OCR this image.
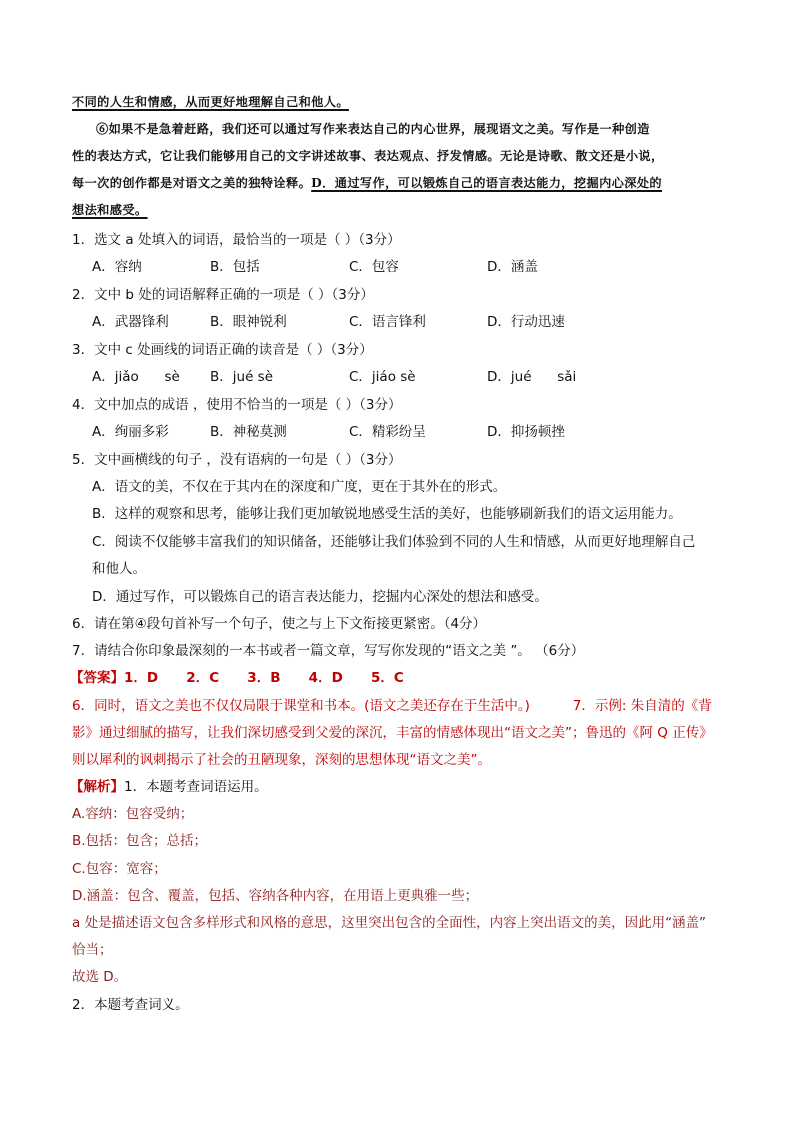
不同的人生和情感，从而更好地理解自己和他人。
⑥如果不是急着赶路，我们还可以通过写作来表达自己的内心世界，展现语文之美。写作是一种创造
性的表达方式，它让我们能够用自己的文字讲述故事、表达观点、抒发情感。无论是诗歌、散文还是小说，
每一次的创作都是对语文之美的独特诠释。D．通过写作，可以锻炼自己的语言表达能力，挖掘内心深处的
想法和感受。
1．选文 a 处填入的词语，最恰当的一项是（ ）（3分）
A．容纳	B．包括	C．包容	D．涵盖
2．文中 b 处的词语解释正确的一项是（ ）（3分）
A．武器锋利	B．眼神锐利	C．语言锋利	D．行动迅速
3．文中 c 处画线的词语正确的读音是（ ）（3分）
A．jiǎo      sè B．jué sè	C．jiáo sè	D．jué      sǎi
4．文中加点的成语 ，使用不恰当的一项是（ ）（3分）
A．绚丽多彩	B．神秘莫测	C．精彩纷呈	D．抑扬顿挫
5．文中画横线的句子 ，没有语病的一句是（ ）（3分）
A．语文的美，不仅在于其内在的深度和广度，更在于其外在的形式。
B．这样的观察和思考，能够让我们更加敏锐地感受生活的美好，也能够刷新我们的语文运用能力。
C．阅读不仅能够丰富我们的知识储备，还能够让我们体验到不同的人生和情感，从而更好地理解自己
和他人。
D．通过写作，可以锻炼自己的语言表达能力，挖掘内心深处的想法和感受。
6．请在第④段句首补写一个句子，使之与上下文衔接更紧密。（4分）
7．请结合你印象最深刻的一本书或者一篇文章，写写你发现的“语文之美 ”。 （6分）
【答案】1．D      2．C      3．B      4．D      5．C
6．同时，语文之美也不仅仅局限于课堂和书本。(语文之美还存在于生活中。)          7．示例: 朱自清的《背
影》通过细腻的描写，让我们深切感受到父爱的深沉，丰富的情感体现出“语文之美”；鲁迅的《阿 Q 正传》
则以犀利的讽刺揭示了社会的丑陋现象，深刻的思想体现“语文之美”。
【解析】1．本题考查词语运用。
A.容纳：包容受纳；
B.包括：包含；总括；
C.包容：宽容；
D.涵盖：包含、覆盖，包括、容纳各种内容，在用语上更典雅一些；
a 处是描述语文包含多样形式和风格的意思，这里突出包含的全面性，内容上突出语文的美，因此用“涵盖”
恰当；
故选 D。
2．本题考查词义。
